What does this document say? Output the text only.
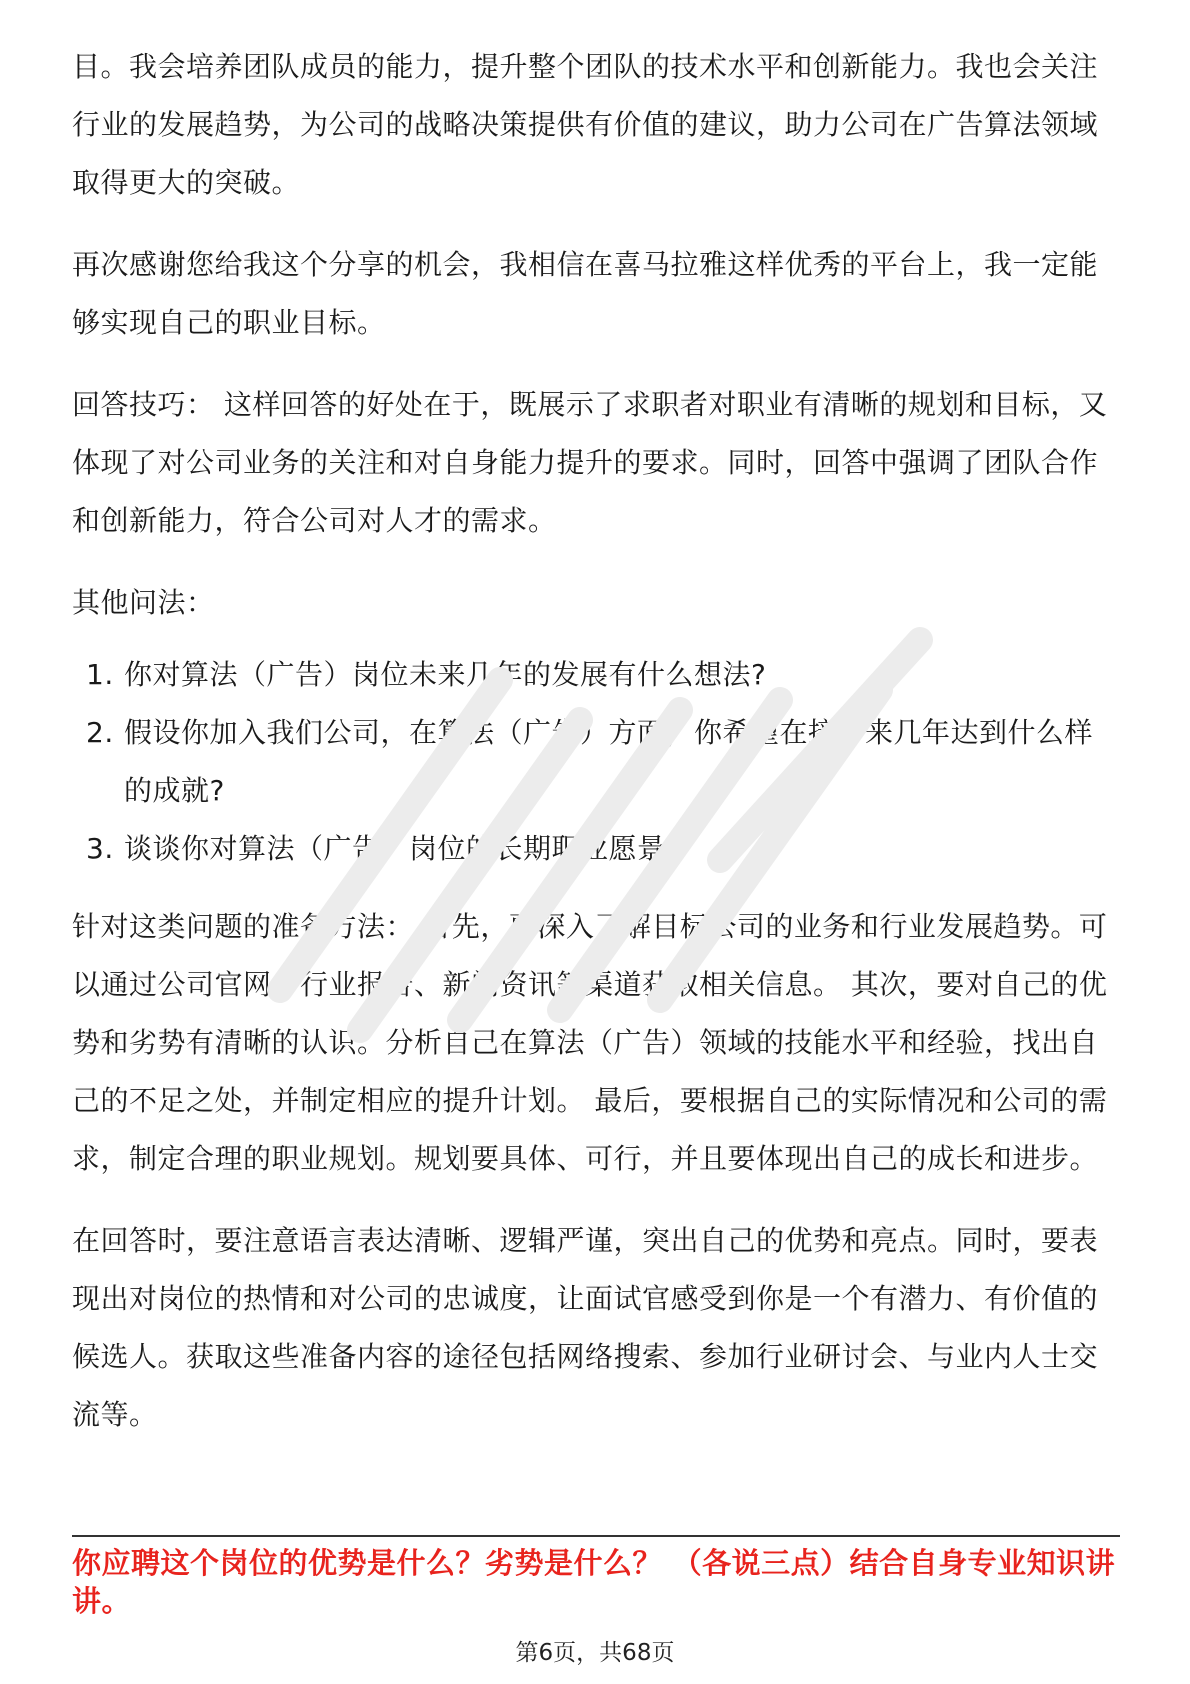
目。我会培养团队成员的能力，提升整个团队的技术水平和创新能力。我也会关注行业的发展趋势，为公司的战略决策提供有价值的建议，助力公司在广告算法领域取得更大的突破。

再次感谢您给我这个分享的机会，我相信在喜马拉雅这样优秀的平台上，我一定能够实现自己的职业目标。

回答技巧： 这样回答的好处在于，既展示了求职者对职业有清晰的规划和目标，又体现了对公司业务的关注和对自身能力提升的要求。同时，回答中强调了团队合作和创新能力，符合公司对人才的需求。

其他问法：

1. 你对算法（广告）岗位未来几年的发展有什么想法?
2. 假设你加入我们公司，在算法（广告）方面，你希望在接下来几年达到什么样的成就?
3. 谈谈你对算法（广告）岗位的长期职业愿景。

针对这类问题的准备方法： 首先，要深入了解目标公司的业务和行业发展趋势。可以通过公司官网、行业报告、新闻资讯等渠道获取相关信息。 其次，要对自己的优势和劣势有清晰的认识。分析自己在算法（广告）领域的技能水平和经验，找出自己的不足之处，并制定相应的提升计划。 最后，要根据自己的实际情况和公司的需求，制定合理的职业规划。规划要具体、可行，并且要体现出自己的成长和进步。

在回答时，要注意语言表达清晰、逻辑严谨，突出自己的优势和亮点。同时，要表现出对岗位的热情和对公司的忠诚度，让面试官感受到你是一个有潜力、有价值的候选人。获取这些准备内容的途径包括网络搜索、参加行业研讨会、与业内人士交流等。

你应聘这个岗位的优势是什么？劣势是什么？ （各说三点）结合自身专业知识讲讲。
第6页，共68页
